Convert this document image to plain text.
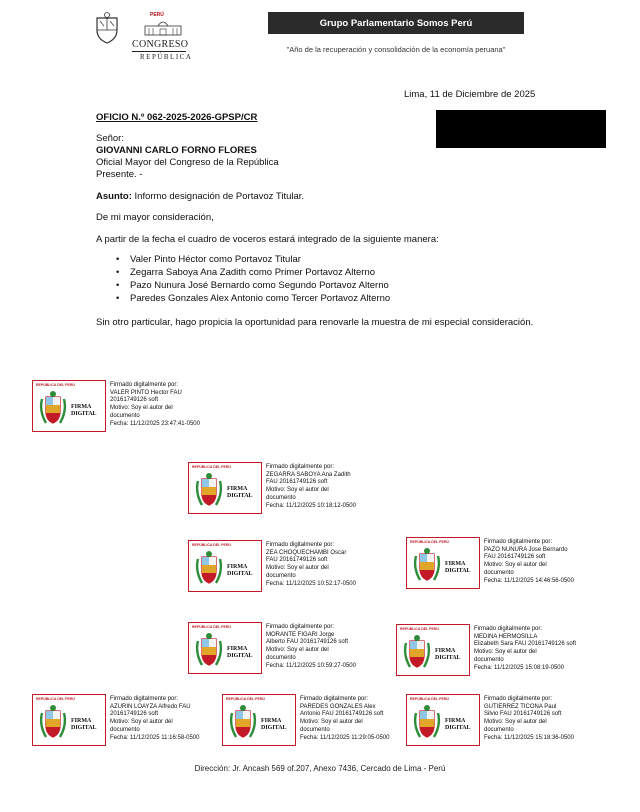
PERÚ
CONGRESO
REPÚBLICA
Grupo Parlamentario Somos Perú
"Año de la recuperación y consolidación de la economía peruana"
Lima, 11 de Diciembre de 2025
OFICIO N.º 062-2025-2026-GPSP/CR
Señor:
GIOVANNI CARLO FORNO FLORES
Oficial Mayor del Congreso de la República
Presente. -
Asunto: Informo designación de Portavoz Titular.
De mi mayor consideración,
A partir de la fecha el cuadro de voceros estará integrado de la siguiente manera:
• Valer Pinto Héctor como Portavoz Titular
• Zegarra Saboya Ana Zadith como Primer Portavoz Alterno
• Pazo Nunura José Bernardo como Segundo Portavoz Alterno
• Paredes Gonzales Alex Antonio como Tercer Portavoz Alterno
Sin otro particular, hago propicia la oportunidad para renovarle la muestra de mi especial consideración.
REPÚBLICA DEL PERÚ
FIRMA
DIGITAL
Firmado digitalmente por:
VALER PINTO Hector FAU
20161749126 soft
Motivo: Soy el autor del
documento
Fecha: 11/12/2025 23:47:41-0500
REPÚBLICA DEL PERÚ
FIRMA
DIGITAL
Firmado digitalmente por:
ZEGARRA SABOYA Ana Zadith
FAU 20161749126 soft
Motivo: Soy el autor del
documento
Fecha: 11/12/2025 10:18:12-0500
REPÚBLICA DEL PERÚ
FIRMA
DIGITAL
Firmado digitalmente por:
ZEA CHOQUECHAMBI Oscar
FAU 20161749126 soft
Motivo: Soy el autor del
documento
Fecha: 11/12/2025 10:52:17-0500
REPÚBLICA DEL PERÚ
FIRMA
DIGITAL
Firmado digitalmente por:
PAZO NUNURA Jose Bernardo
FAU 20161749126 soft
Motivo: Soy el autor del
documento
Fecha: 11/12/2025 14:46:56-0500
REPÚBLICA DEL PERÚ
FIRMA
DIGITAL
Firmado digitalmente por:
MORANTE FIGARI Jorge
Alberto FAU 20161749126 soft
Motivo: Soy el autor del
documento
Fecha: 11/12/2025 10:59:27-0500
REPÚBLICA DEL PERÚ
FIRMA
DIGITAL
Firmado digitalmente por:
MEDINA HERMOSILLA
Elizabeth Sara FAU 20161749126 soft
Motivo: Soy el autor del
documento
Fecha: 11/12/2025 15:08:19-0500
REPÚBLICA DEL PERÚ
FIRMA
DIGITAL
Firmado digitalmente por:
AZURIN LOAYZA Alfredo FAU
20161749126 soft
Motivo: Soy el autor del
documento
Fecha: 11/12/2025 11:16:58-0500
REPÚBLICA DEL PERÚ
FIRMA
DIGITAL
Firmado digitalmente por:
PAREDES GONZALES Alex
Antonio FAU 20161749126 soft
Motivo: Soy el autor del
documento
Fecha: 11/12/2025 11:29:05-0500
REPÚBLICA DEL PERÚ
FIRMA
DIGITAL
Firmado digitalmente por:
GUTIERREZ TICONA Paul
Silvio FAU 20161749126 soft
Motivo: Soy el autor del
documento
Fecha: 11/12/2025 15:18:36-0500
Dirección: Jr. Ancash 569 of.207, Anexo 7436, Cercado de Lima - Perú
